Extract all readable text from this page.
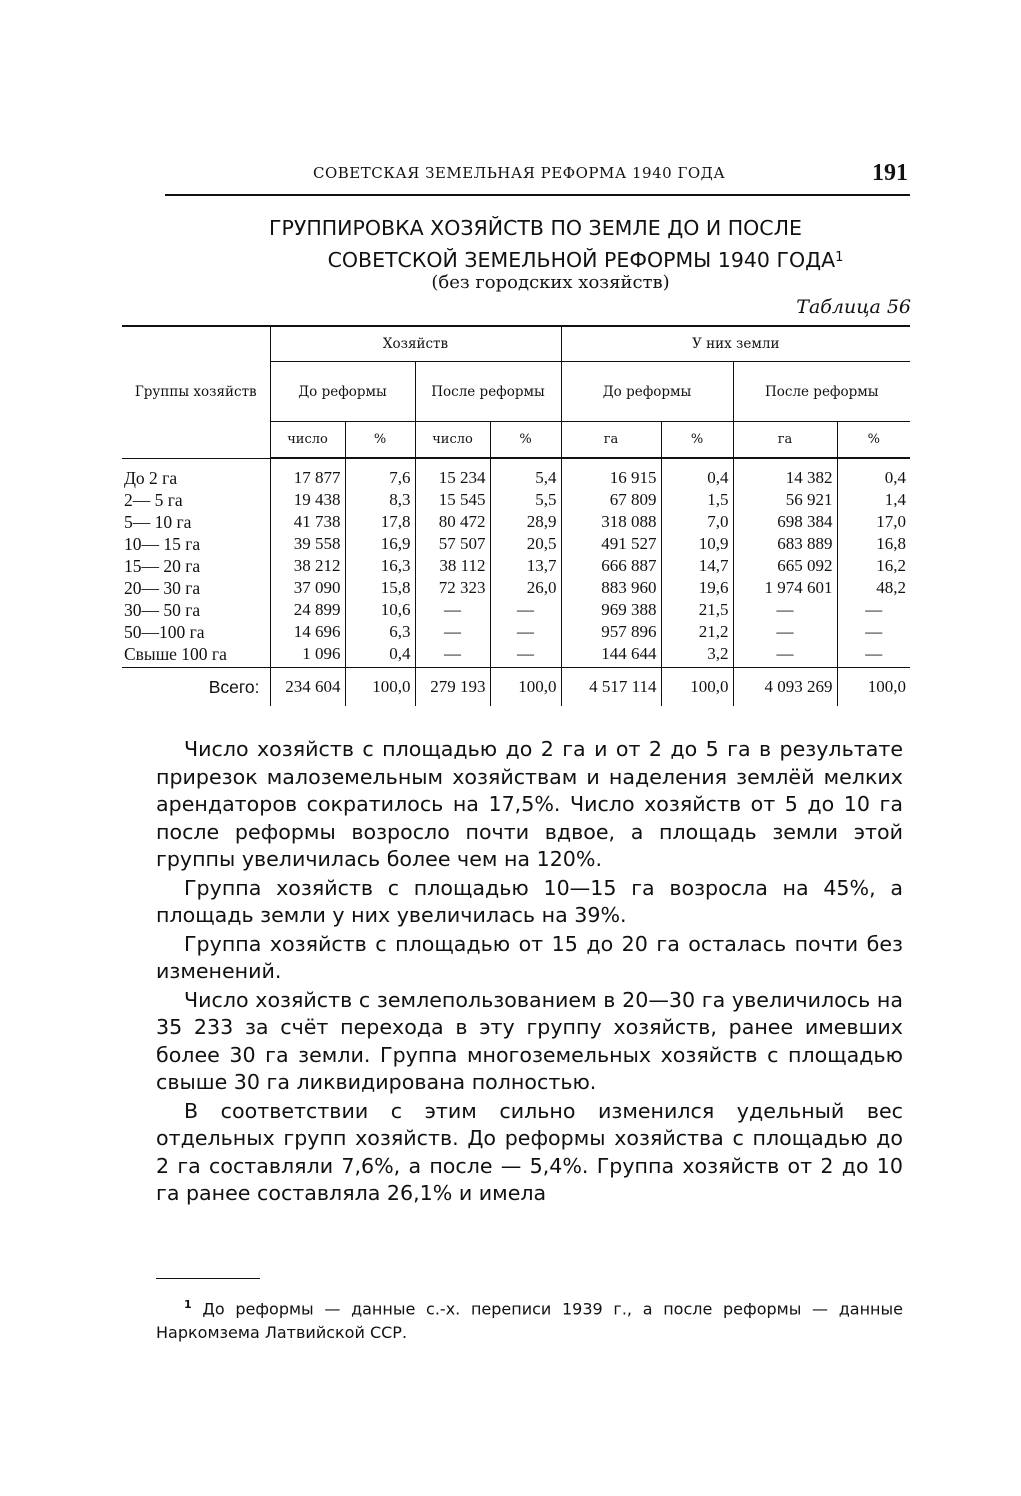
СОВЕТСКАЯ ЗЕМЕЛЬНАЯ РЕФОРМА 1940 ГОДА	191
ГРУППИРОВКА ХОЗЯЙСТВ ПО ЗЕМЛЕ ДО И ПОСЛЕ
СОВЕТСКОЙ ЗЕМЕЛЬНОЙ РЕФОРМЫ 1940 ГОДА$^1$
(без городских хозяйств)
Таблица 56
Группы хозяйств	Хозяйств				У них земли			
	До реформы		После реформы		До реформы		После реформы	
	число	%	число	%	га	%	га	%
До 2 га	17 877	7,6	15 234	5,4	16 915	0,4	14 382	0,4
2— 5 га	19 438	8,3	15 545	5,5	67 809	1,5	56 921	1,4
5— 10 га	41 738	17,8	80 472	28,9	318 088	7,0	698 384	17,0
10— 15 га	39 558	16,9	57 507	20,5	491 527	10,9	683 889	16,8
15— 20 га	38 212	16,3	38 112	13,7	666 887	14,7	665 092	16,2
20— 30 га	37 090	15,8	72 323	26,0	883 960	19,6	1 974 601	48,2
30— 50 га	24 899	10,6	—	—	969 388	21,5	—	—
50—100 га	14 696	6,3	—	—	957 896	21,2	—	—
Свыше 100 га	1 096	0,4	—	—	144 644	3,2	—	—
Всего:	234 604	100,0	279 193	100,0	4 517 114	100,0	4 093 269	100,0

Число хозяйств с площадью до 2 га и от 2 до 5 га в результате прирезок малоземельным хозяйствам и наделения землёй мелких арендаторов сократилось на 17,5%. Число хозяйств от 5 до 10 га после реформы возросло почти вдвое, а площадь земли этой группы увеличилась более чем на 120%.

Группа хозяйств с площадью 10—15 га возросла на 45%, а площадь земли у них увеличилась на 39%.

Группа хозяйств с площадью от 15 до 20 га осталась почти без изменений.

Число хозяйств с землепользованием в 20—30 га увеличилось на 35 233 за счёт перехода в эту группу хозяйств, ранее имевших более 30 га земли. Группа многоземельных хозяйств с площадью свыше 30 га ликвидирована полностью.

В соответствии с этим сильно изменился удельный вес отдельных групп хозяйств. До реформы хозяйства с площадью до 2 га составляли 7,6%, а после — 5,4%. Группа хозяйств от 2 до 10 га ранее составляла 26,1% и имела

$^1$ До реформы — данные с.-х. переписи 1939 г., а после реформы — данные Наркомзема Латвийской ССР.
